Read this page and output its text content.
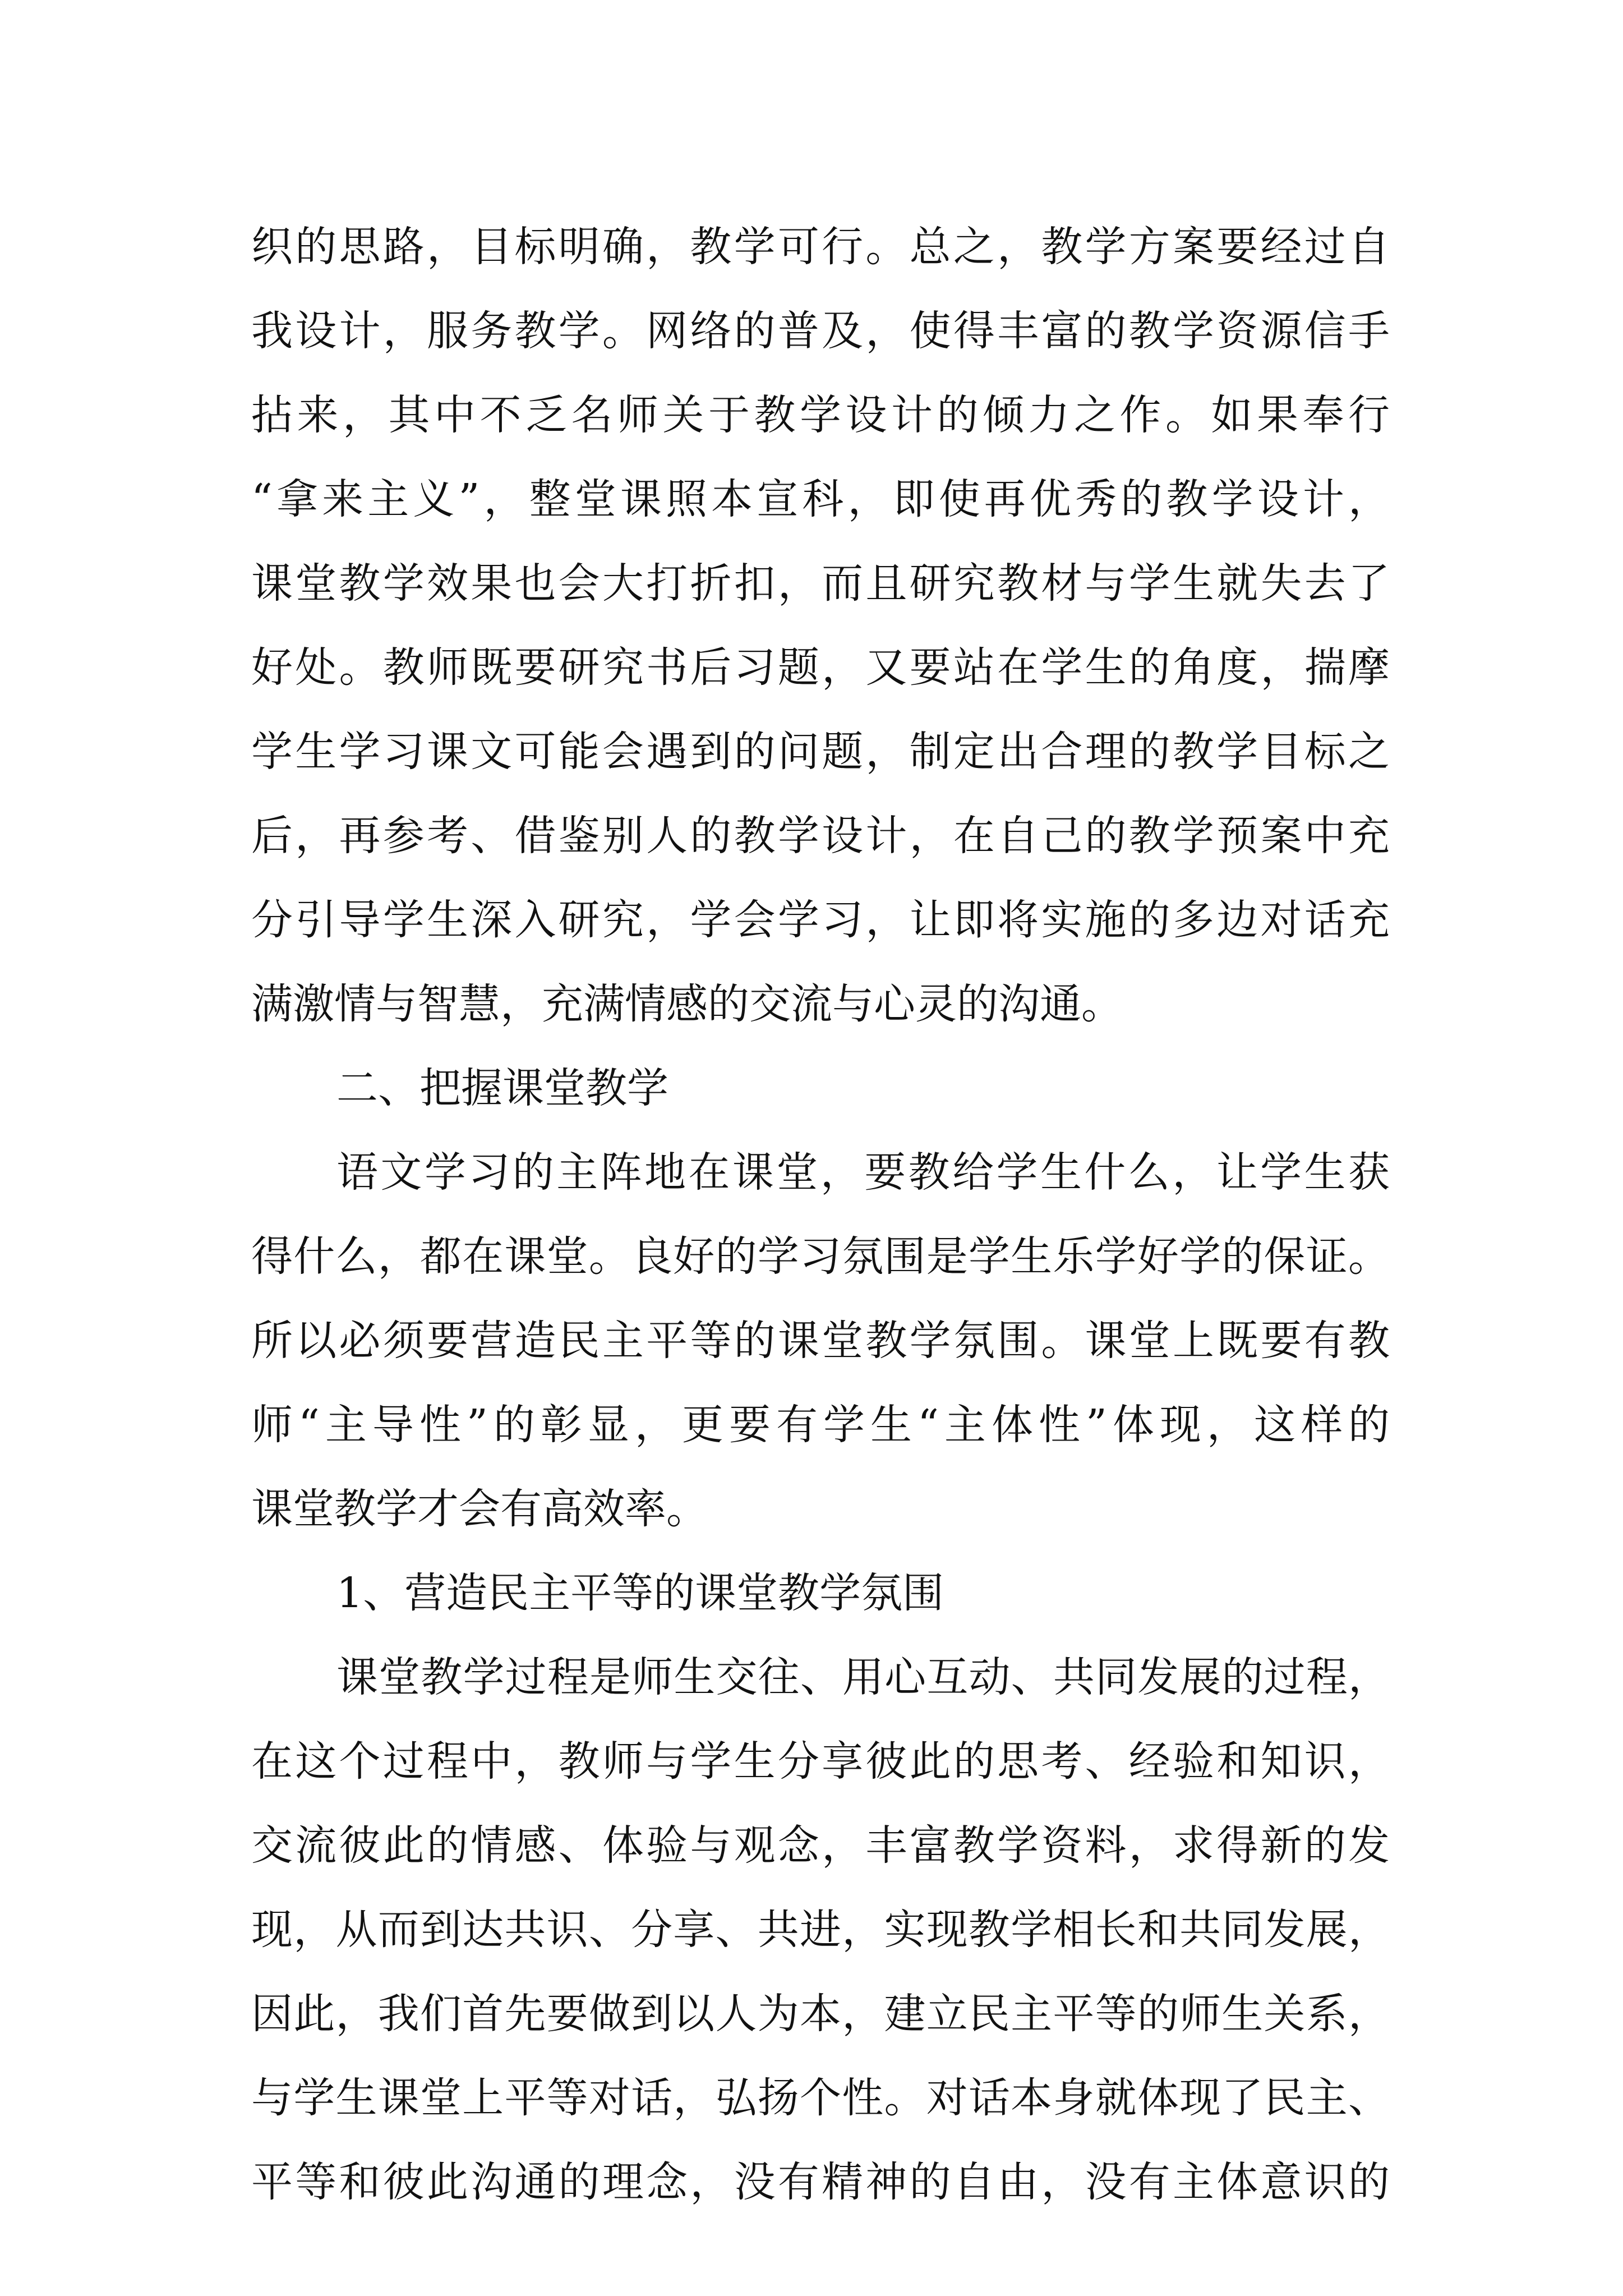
织的思路，目标明确，教学可行。总之，教学方案要经过自
我设计，服务教学。网络的普及，使得丰富的教学资源信手
拈来，其中不乏名师关于教学设计的倾力之作。如果奉行
“拿来主义”，整堂课照本宣科，即使再优秀的教学设计，
课堂教学效果也会大打折扣，而且研究教材与学生就失去了
好处。教师既要研究书后习题，又要站在学生的角度，揣摩
学生学习课文可能会遇到的问题，制定出合理的教学目标之
后，再参考、借鉴别人的教学设计，在自己的教学预案中充
分引导学生深入研究，学会学习，让即将实施的多边对话充
满激情与智慧，充满情感的交流与心灵的沟通。
二、把握课堂教学
语文学习的主阵地在课堂，要教给学生什么，让学生获
得什么，都在课堂。良好的学习氛围是学生乐学好学的保证。
所以必须要营造民主平等的课堂教学氛围。课堂上既要有教
师“主导性”的彰显，更要有学生“主体性”体现，这样的
课堂教学才会有高效率。
1、营造民主平等的课堂教学氛围
课堂教学过程是师生交往、用心互动、共同发展的过程，
在这个过程中，教师与学生分享彼此的思考、经验和知识，
交流彼此的情感、体验与观念，丰富教学资料，求得新的发
现，从而到达共识、分享、共进，实现教学相长和共同发展，
因此，我们首先要做到以人为本，建立民主平等的师生关系，
与学生课堂上平等对话，弘扬个性。对话本身就体现了民主、
平等和彼此沟通的理念，没有精神的自由，没有主体意识的
